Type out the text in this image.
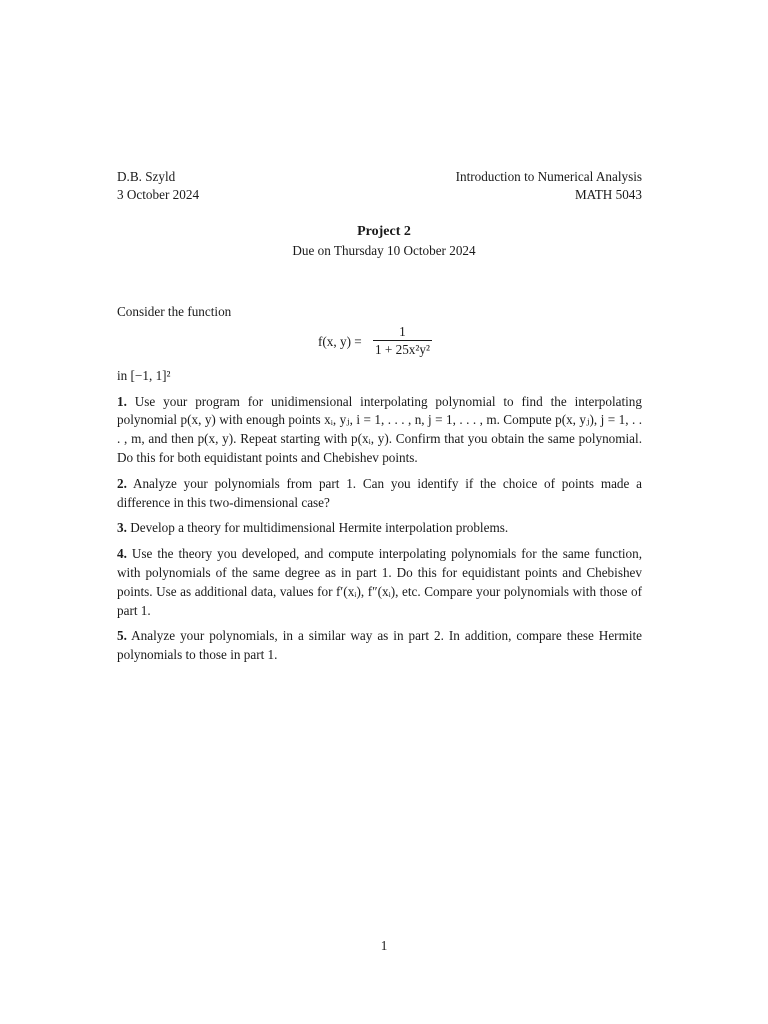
D.B. Szyld
3 October 2024
Introduction to Numerical Analysis
MATH 5043
Project 2
Due on Thursday 10 October 2024

Consider the function

f(x, y) =
1
1 + 25x²y²
in [−1, 1]²

1. Use your program for unidimensional interpolating polynomial to find the interpolating polynomial p(x, y) with enough points xᵢ, yⱼ, i = 1, . . . , n, j = 1, . . . , m. Compute p(x, yⱼ), j = 1, . . . , m, and then p(x, y). Repeat starting with p(xᵢ, y). Confirm that you obtain the same polynomial. Do this for both equidistant points and Chebishev points.

2. Analyze your polynomials from part 1. Can you identify if the choice of points made a difference in this two-dimensional case?

3. Develop a theory for multidimensional Hermite interpolation problems.

4. Use the theory you developed, and compute interpolating polynomials for the same function, with polynomials of the same degree as in part 1. Do this for equidistant points and Chebishev points. Use as additional data, values for f′(xᵢ), f″(xᵢ), etc. Compare your polynomials with those of part 1.

5. Analyze your polynomials, in a similar way as in part 2. In addition, compare these Hermite polynomials to those in part 1.

1
